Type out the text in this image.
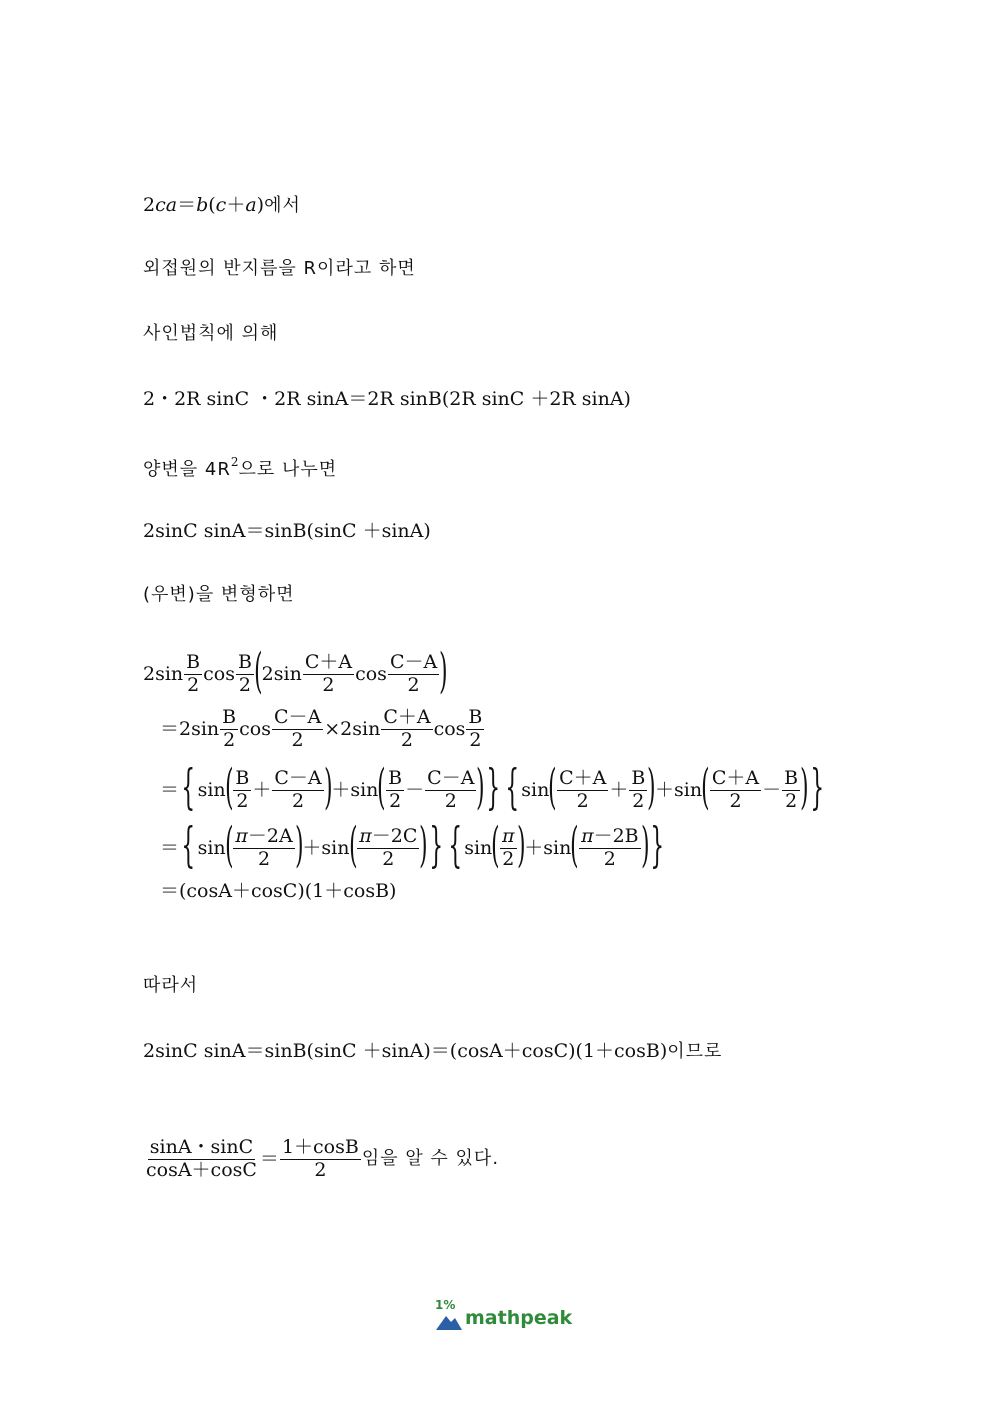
2ca＝b(c＋a)에서
외접원의 반지름을 R이라고 하면
사인법칙에 의해
2・2R sinC ・2R sinA＝2R sinB(2R sinC ＋2R sinA)
양변을 $4R^2$으로 나누면
2sinC sinA＝sinB(sinC ＋sinA)
(우변)을 변형하면
$2\sin \frac{B}{2}$ $\cos \frac{B}{2}$ ( $2\sin \frac{C+A}{2}$ $\cos \frac{C-A}{2}$ )
$=2\sin \frac{B}{2}$ $\cos \frac{C-A}{2} \times 2\sin \frac{C+A}{2}$ $\cos \frac{B}{2}$
＝ { sin ( $\frac{B}{2} + \frac{C-A}{2}$ ) ＋sin ( $\frac{B}{2} - \frac{C-A}{2}$ ) } { sin ( $\frac{C+A}{2} + \frac{B}{2}$ ) ＋sin ( $\frac{C+A}{2} - \frac{B}{2}$ ) }
＝ { sin ( $\frac{\pi-2A}{2}$ ) ＋sin ( $\frac{\pi-2C}{2}$ ) } { sin ( $\frac{\pi}{2}$ ) ＋sin ( $\frac{\pi-2B}{2}$ ) }
＝(cosA＋cosC)(1＋cosB)
따라서
2sinC sinA＝sinB(sinC ＋sinA)＝(cosA＋cosC)(1＋cosB)이므로
$\frac{\sin A・\sin C}{\cos A+\cos C} = \frac{1+\cos B}{2}$ 임을 알 수 있다.
1%
mathpeak
